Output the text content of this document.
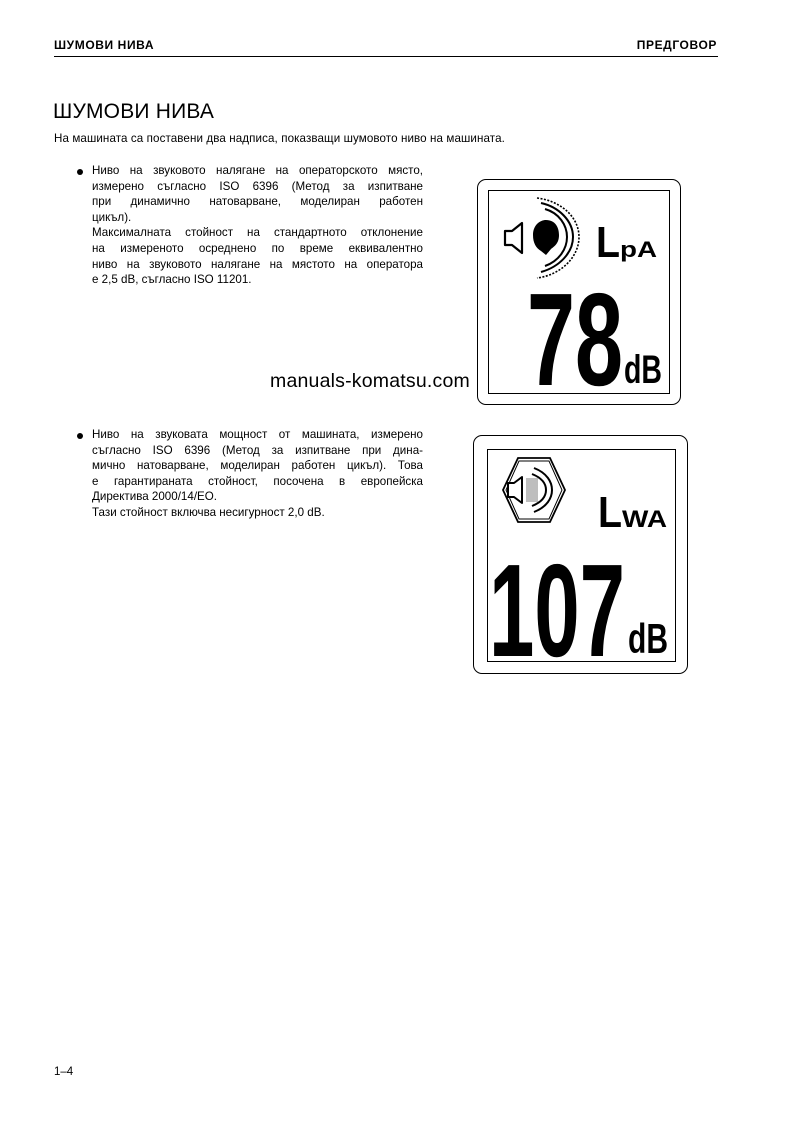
ШУМОВИ НИВА	ПРЕДГОВОР
ШУМОВИ НИВА
На машината са поставени два надписа, показващи шумовото ниво на машината.
Ниво на звуковото налягане на операторското място,
измерено съгласно ISO 6396 (Метод за изпитване
при динамично натоварване, моделиран работен
цикъл).
Максималната стойност на стандартното отклонение
на измереното осреднено по време еквивалентно
ниво на звуковото налягане на мястото на оператора
е 2,5 dB, съгласно ISO 11201.
L pA
78 dB
manuals-komatsu.com
Ниво на звуковата мощност от машината, измерено
съгласно ISO 6396 (Метод за изпитване при дина-
мично натоварване, моделиран работен цикъл). Това
е гарантираната стойност, посочена в европейска
Директива 2000/14/ЕО.
Тази стойност включва несигурност 2,0 dB.	L WA
107 dB
1–4
